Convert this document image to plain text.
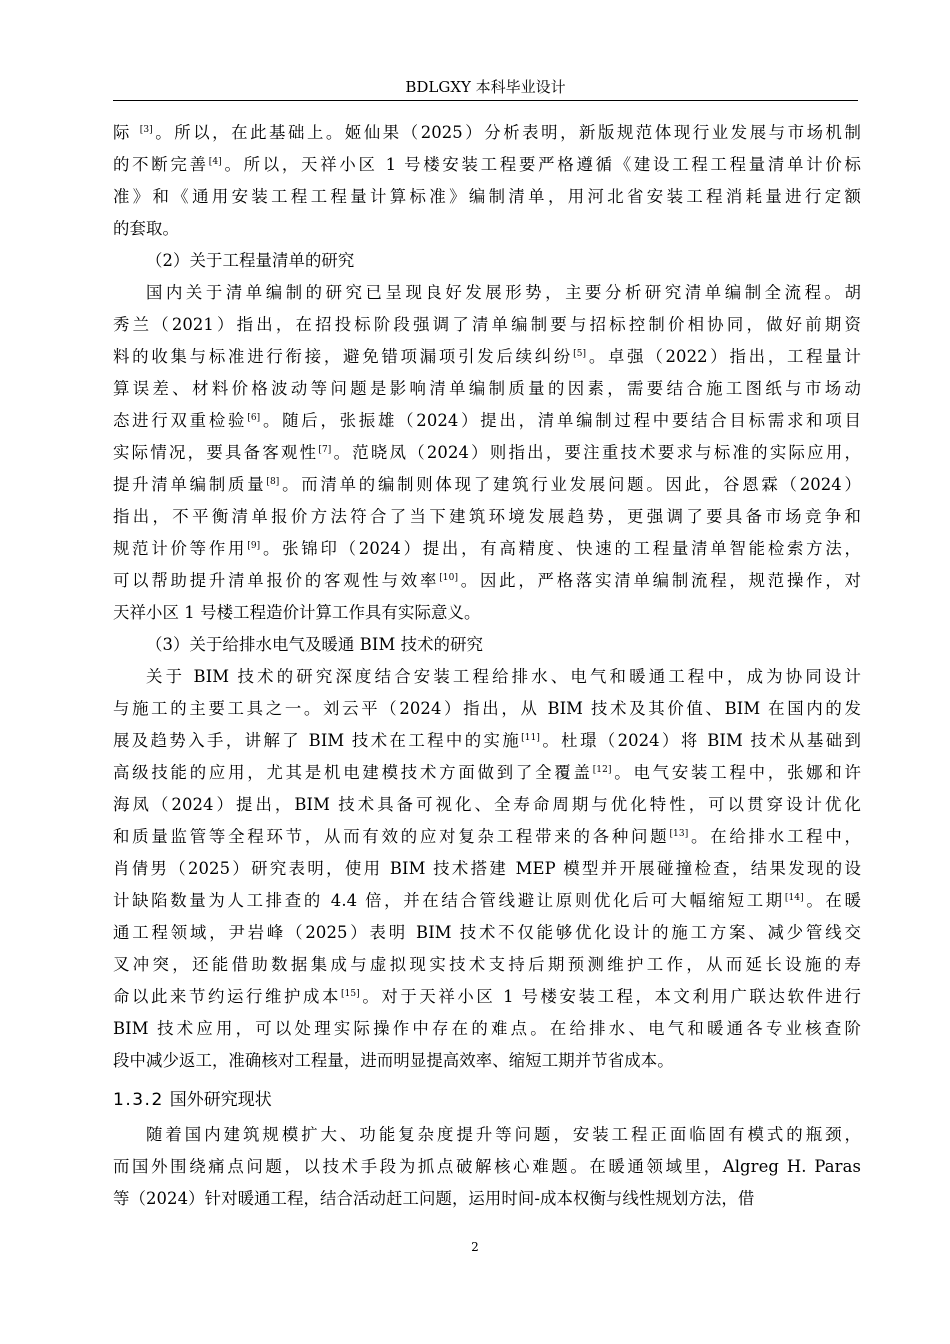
BDLGXY 本科毕业设计
际 [3]。所以，在此基础上。姬仙果（2025）分析表明，新版规范体现行业发展与市场机制
的不断完善[4]。所以，天祥小区 1 号楼安装工程要严格遵循《建设工程工程量清单计价标
准》和《通用安装工程工程量计算标准》编制清单，用河北省安装工程消耗量进行定额
的套取。
（2）关于工程量清单的研究
国内关于清单编制的研究已呈现良好发展形势，主要分析研究清单编制全流程。胡
秀兰（2021）指出，在招投标阶段强调了清单编制要与招标控制价相协同，做好前期资
料的收集与标准进行衔接，避免错项漏项引发后续纠纷[5]。卓强（2022）指出，工程量计
算误差、材料价格波动等问题是影响清单编制质量的因素，需要结合施工图纸与市场动
态进行双重检验[6]。随后，张振雄（2024）提出，清单编制过程中要结合目标需求和项目
实际情况，要具备客观性[7]。范晓凤（2024）则指出，要注重技术要求与标准的实际应用，
提升清单编制质量[8]。而清单的编制则体现了建筑行业发展问题。因此，谷恩霖（2024）
指出，不平衡清单报价方法符合了当下建筑环境发展趋势，更强调了要具备市场竞争和
规范计价等作用[9]。张锦印（2024）提出，有高精度、快速的工程量清单智能检索方法，
可以帮助提升清单报价的客观性与效率[10]。因此，严格落实清单编制流程，规范操作，对
天祥小区 1 号楼工程造价计算工作具有实际意义。
（3）关于给排水电气及暖通 BIM 技术的研究
关于 BIM 技术的研究深度结合安装工程给排水、电气和暖通工程中，成为协同设计
与施工的主要工具之一。刘云平（2024）指出，从 BIM 技术及其价值、BIM 在国内的发
展及趋势入手，讲解了 BIM 技术在工程中的实施[11]。杜璟（2024）将 BIM 技术从基础到
高级技能的应用，尤其是机电建模技术方面做到了全覆盖[12]。电气安装工程中，张娜和许
海凤（2024）提出，BIM 技术具备可视化、全寿命周期与优化特性，可以贯穿设计优化
和质量监管等全程环节，从而有效的应对复杂工程带来的各种问题[13]。在给排水工程中，
肖倩男（2025）研究表明，使用 BIM 技术搭建 MEP 模型并开展碰撞检查，结果发现的设
计缺陷数量为人工排查的 4.4 倍，并在结合管线避让原则优化后可大幅缩短工期[14]。在暖
通工程领域，尹岩峰（2025）表明 BIM 技术不仅能够优化设计的施工方案、减少管线交
叉冲突，还能借助数据集成与虚拟现实技术支持后期预测维护工作，从而延长设施的寿
命以此来节约运行维护成本[15]。对于天祥小区 1 号楼安装工程，本文利用广联达软件进行
BIM 技术应用，可以处理实际操作中存在的难点。在给排水、电气和暖通各专业核查阶
段中减少返工，准确核对工程量，进而明显提高效率、缩短工期并节省成本。
1.3.2 国外研究现状
随着国内建筑规模扩大、功能复杂度提升等问题，安装工程正面临固有模式的瓶颈，
而国外围绕痛点问题，以技术手段为抓点破解核心难题。在暖通领域里，Algreg H. Paras
等（2024）针对暖通工程，结合活动赶工问题，运用时间-成本权衡与线性规划方法，借
2
